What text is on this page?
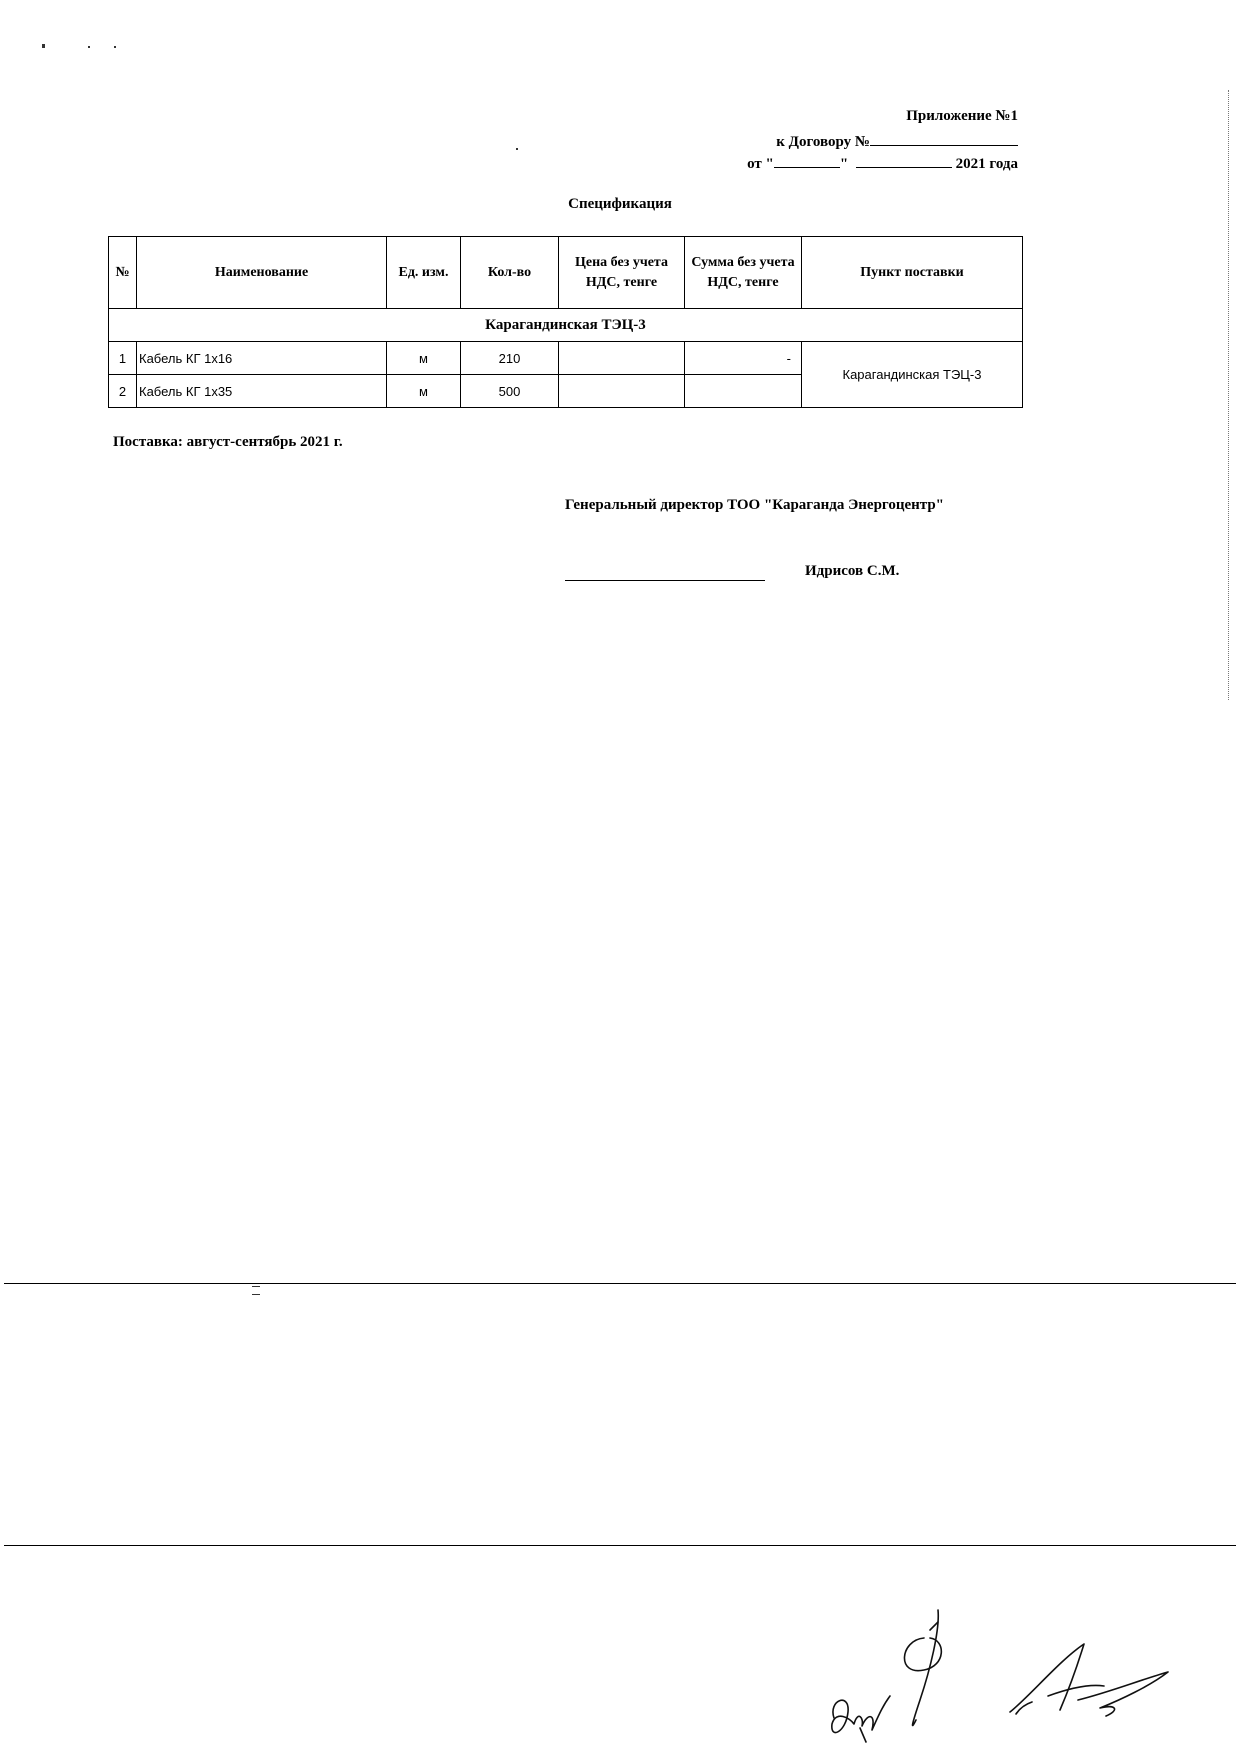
Приложение №1
к Договору №
от "	"	2021 года
Спецификация
№	Наименование	Ед. изм.	Кол-во	Цена без учета НДС, тенге	Сумма без учета НДС, тенге	Пункт поставки
Карагандинская ТЭЦ-3						
1	Кабель КГ 1х16	м	210		-	Карагандинская ТЭЦ-3
2	Кабель КГ 1х35	м	500			
Поставка: август-сентябрь 2021 г.
Генеральный директор ТОО "Караганда Энергоцентр"
Идрисов С.М.
